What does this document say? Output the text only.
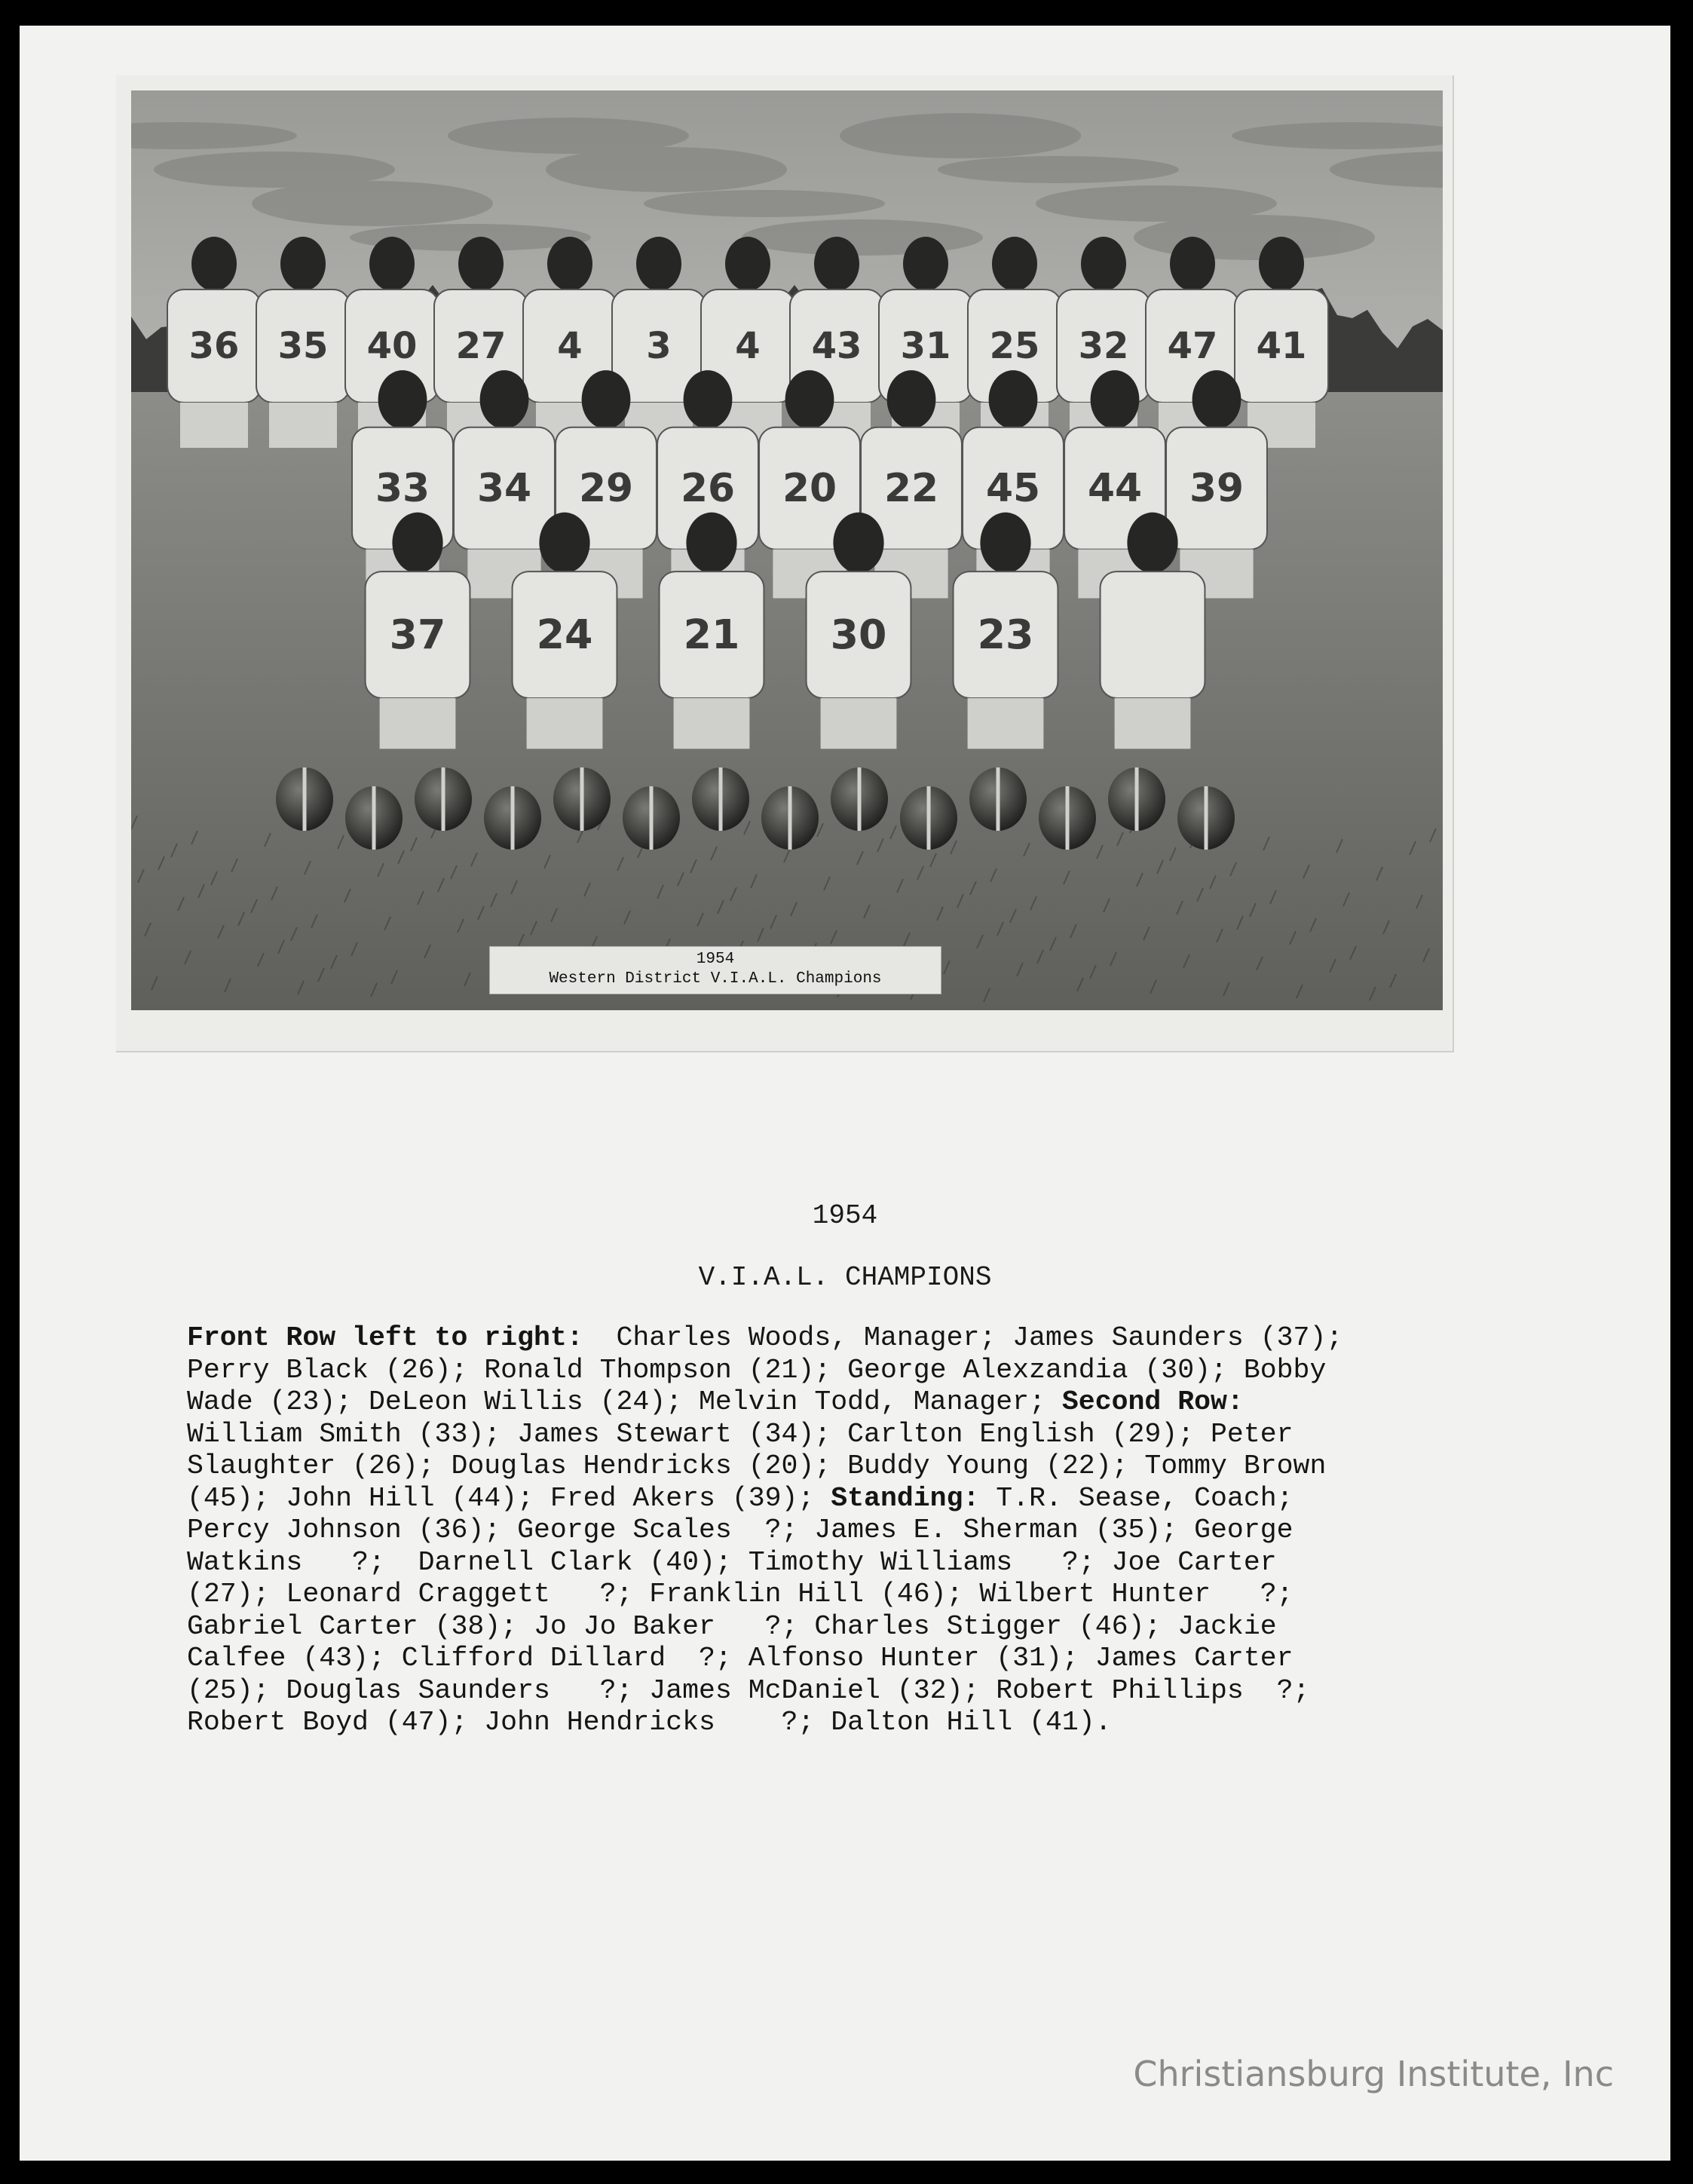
36 35 40 27 4 3 4 43 31 25 32 47 41
33 34 29 26 20 22 45 44 39
37 24 21 30 23
1954
Western District V.I.A.L. Champions
1954
V.I.A.L. CHAMPIONS
Front Row left to right:  Charles Woods, Manager; James Saunders (37);
Perry Black (26); Ronald Thompson (21); George Alexzandia (30); Bobby
Wade (23); DeLeon Willis (24); Melvin Todd, Manager; Second Row:
William Smith (33); James Stewart (34); Carlton English (29); Peter
Slaughter (26); Douglas Hendricks (20); Buddy Young (22); Tommy Brown
(45); John Hill (44); Fred Akers (39); Standing: T.R. Sease, Coach;
Percy Johnson (36); George Scales  ?; James E. Sherman (35); George
Watkins   ?;  Darnell Clark (40); Timothy Williams   ?; Joe Carter
(27); Leonard Craggett   ?; Franklin Hill (46); Wilbert Hunter   ?;
Gabriel Carter (38); Jo Jo Baker   ?; Charles Stigger (46); Jackie
Calfee (43); Clifford Dillard  ?; Alfonso Hunter (31); James Carter
(25); Douglas Saunders   ?; James McDaniel (32); Robert Phillips  ?;
Robert Boyd (47); John Hendricks    ?; Dalton Hill (41).
Christiansburg Institute, Inc
